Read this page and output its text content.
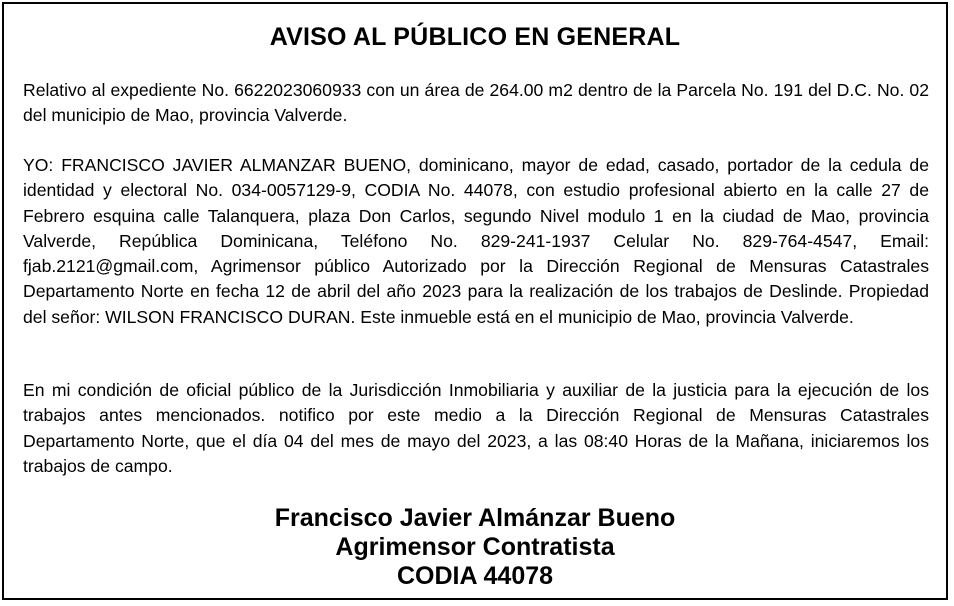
AVISO AL PÚBLICO EN GENERAL

Relativo al expediente No. 6622023060933 con un área de 264.00 m2 dentro de la Parcela No. 191 del D.C. No. 02 del municipio de Mao, provincia Valverde.

YO: FRANCISCO JAVIER ALMANZAR BUENO, dominicano, mayor de edad, casado, portador de la cedula de identidad y electoral No. 034-0057129-9, CODIA No. 44078, con estudio profesional abierto en la calle 27 de Febrero esquina calle Talanquera, plaza Don Carlos, segundo Nivel modulo 1 en la ciudad de Mao, provincia Valverde, República Dominicana, Teléfono No. 829-241-1937 Celular No. 829-764-4547, Email: fjab.2121@gmail.com, Agrimensor público Autorizado por la Dirección Regional de Mensuras Catastrales Departamento Norte en fecha 12 de abril del año 2023 para la realización de los trabajos de Deslinde. Propiedad del señor: WILSON FRANCISCO DURAN. Este inmueble está en el municipio de Mao, provincia Valverde.

En mi condición de oficial público de la Jurisdicción Inmobiliaria y auxiliar de la justicia para la ejecución de los trabajos antes mencionados. notifico por este medio a la Dirección Regional de Mensuras Catastrales Departamento Norte, que el día 04 del mes de mayo del 2023, a las 08:40 Horas de la Mañana, iniciaremos los trabajos de campo.

Francisco Javier Almánzar Bueno
Agrimensor Contratista
CODIA 44078
